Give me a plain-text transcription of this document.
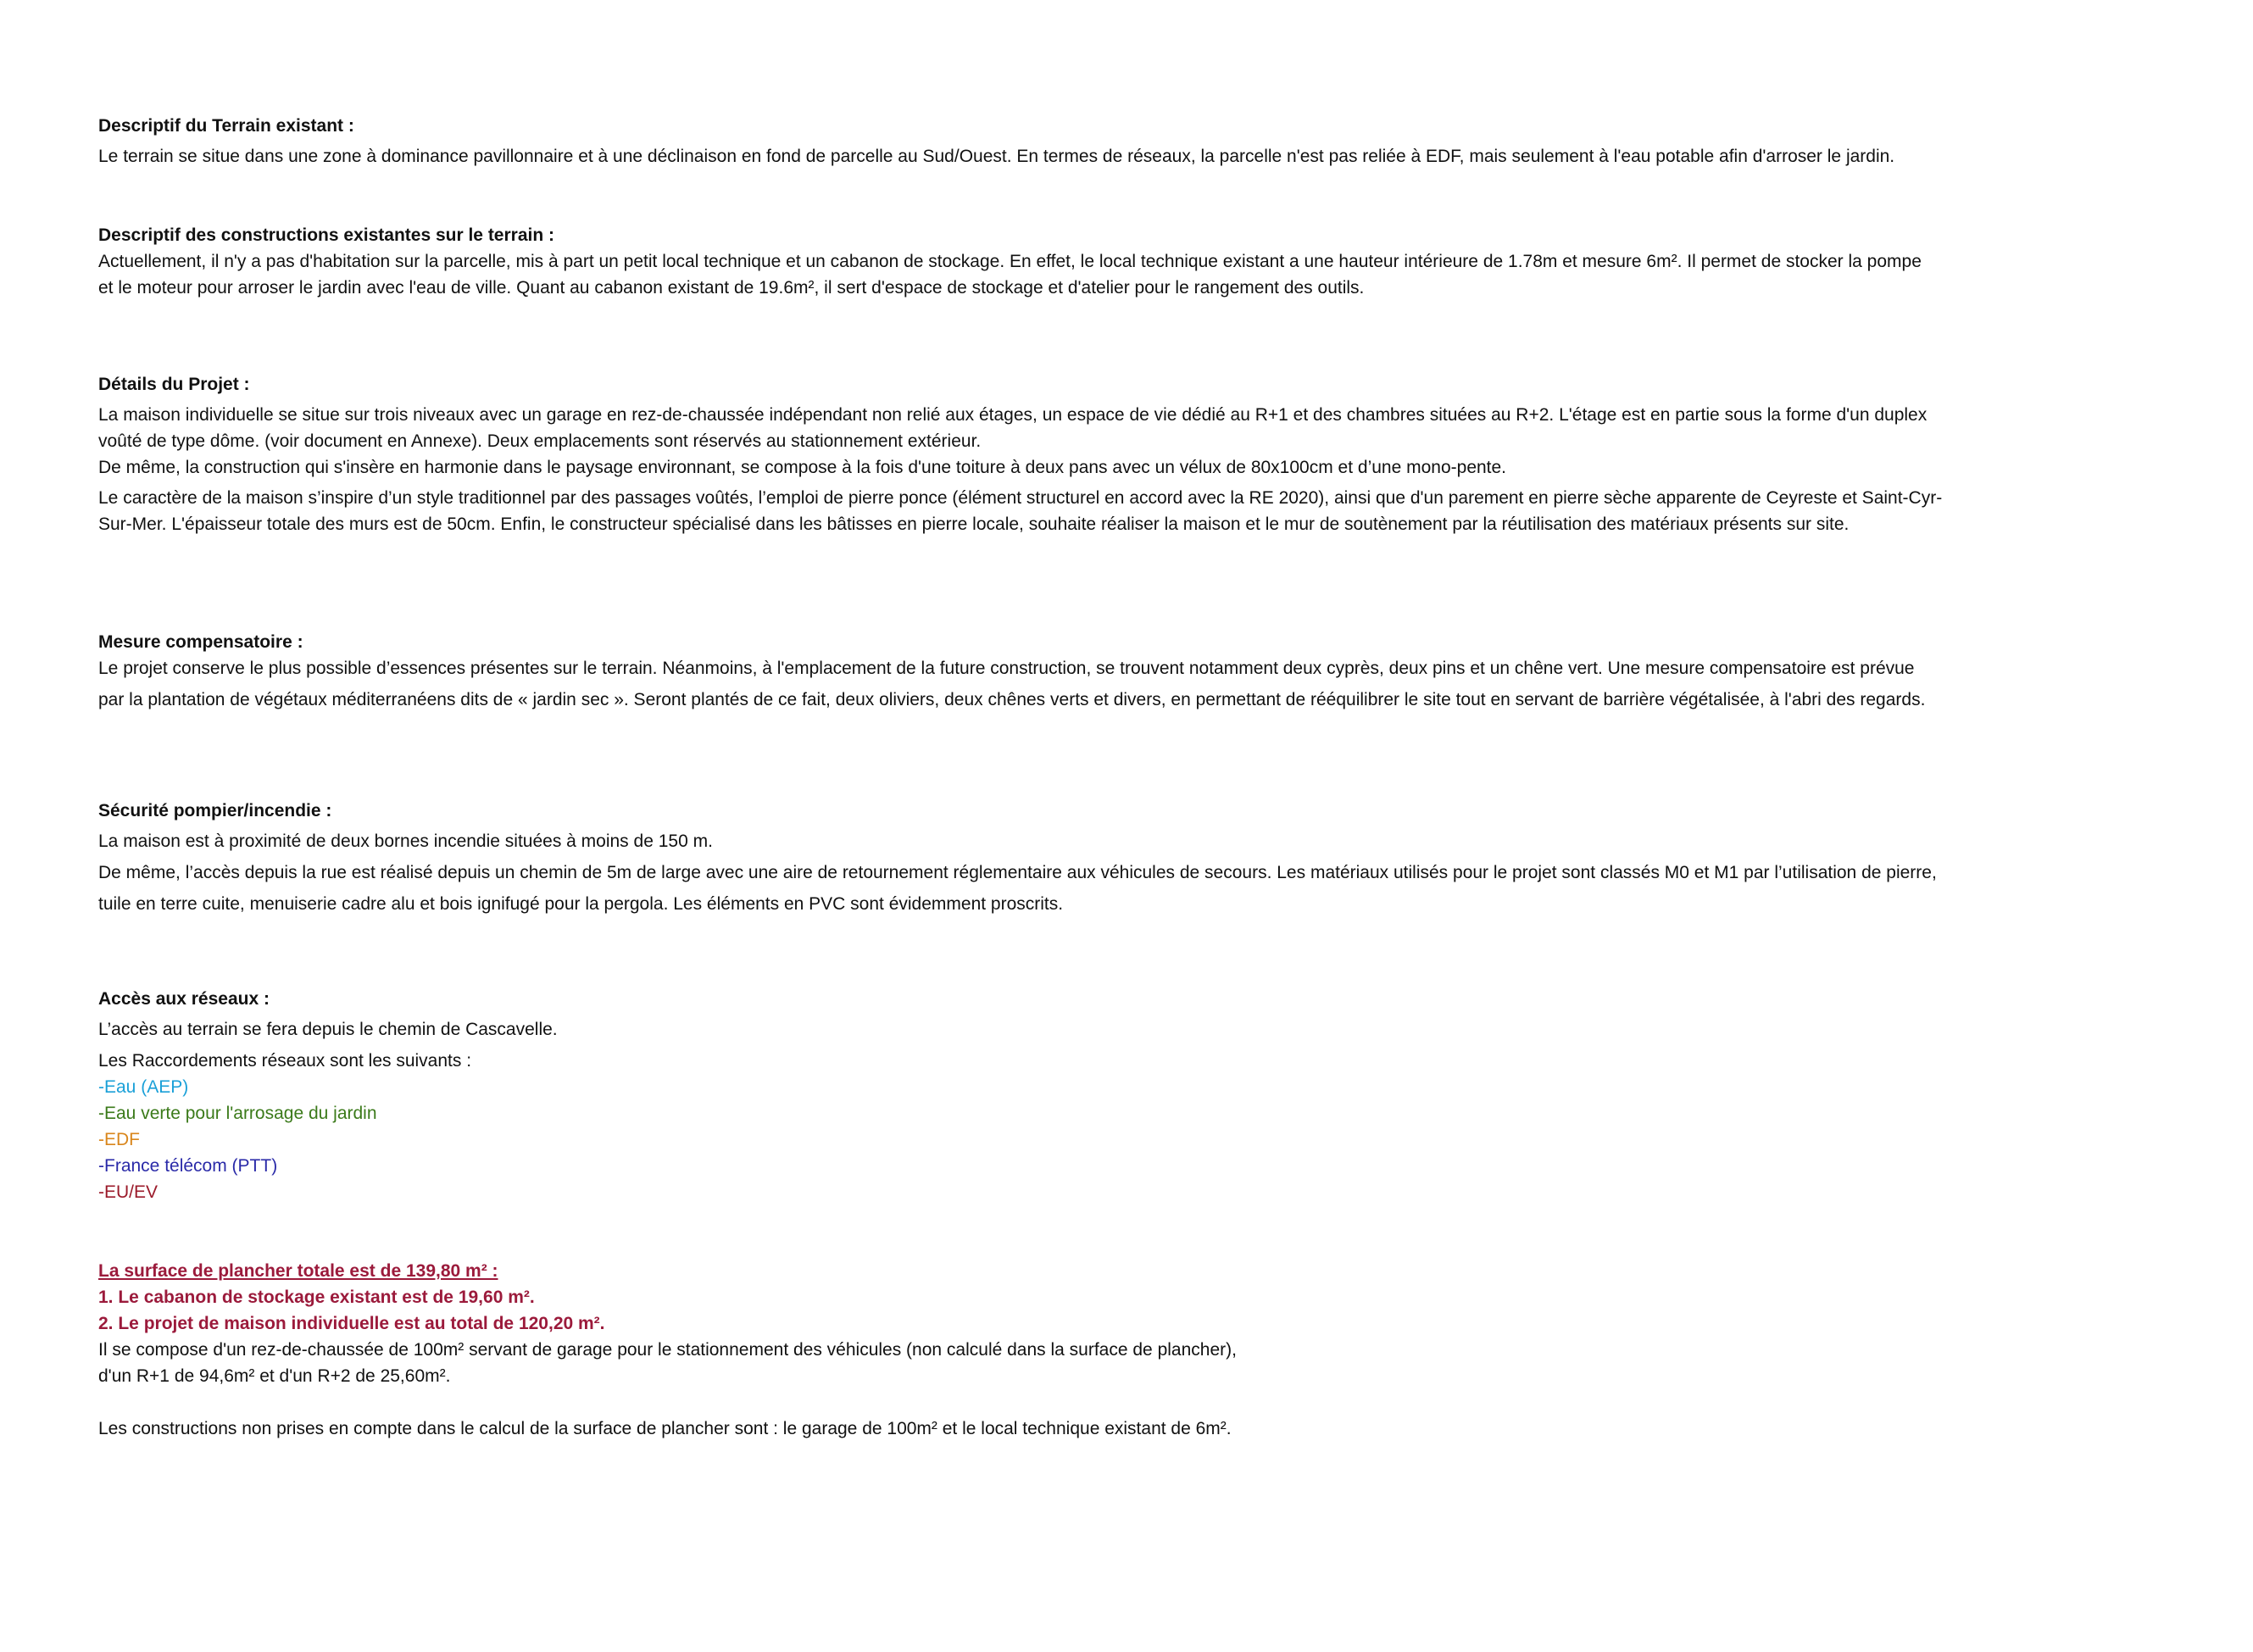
Descriptif du Terrain existant :

Le terrain se situe dans une zone à dominance pavillonnaire et à une déclinaison en fond de parcelle au Sud/Ouest. En termes de réseaux, la parcelle n'est pas reliée à EDF, mais seulement à l'eau potable afin d'arroser le jardin.

Descriptif des constructions existantes sur le terrain :

Actuellement, il n'y a pas d'habitation sur la parcelle, mis à part un petit local technique et un cabanon de stockage. En effet, le local technique existant a une hauteur intérieure de 1.78m et mesure 6m². Il permet de stocker la pompe

et le moteur pour arroser le jardin avec l'eau de ville. Quant au cabanon existant de 19.6m², il sert d'espace de stockage et d'atelier pour le rangement des outils.

Détails du Projet :

La maison individuelle se situe sur trois niveaux avec un garage en rez-de-chaussée indépendant non relié aux étages, un espace de vie dédié au R+1 et des chambres situées au R+2. L'étage est en partie sous la forme d'un duplex

voûté de type dôme. (voir document en Annexe). Deux emplacements sont réservés au stationnement extérieur.

De même, la construction qui s'insère en harmonie dans le paysage environnant, se compose à la fois d'une toiture à deux pans avec un vélux de 80x100cm et d’une mono-pente.

Le caractère de la maison s’inspire d’un style traditionnel par des passages voûtés, l’emploi de pierre ponce (élément structurel en accord avec la RE 2020), ainsi que d'un parement en pierre sèche apparente de Ceyreste et Saint-Cyr-

Sur-Mer. L'épaisseur totale des murs est de 50cm. Enfin, le constructeur spécialisé dans les bâtisses en pierre locale, souhaite réaliser la maison et le mur de soutènement par la réutilisation des matériaux présents sur site.

Mesure compensatoire :

Le projet conserve le plus possible d’essences présentes sur le terrain. Néanmoins, à l'emplacement de la future construction, se trouvent notamment deux cyprès, deux pins et un chêne vert. Une mesure compensatoire est prévue

par la plantation de végétaux méditerranéens dits de « jardin sec ». Seront plantés de ce fait, deux oliviers, deux chênes verts et divers, en permettant de rééquilibrer le site tout en servant de barrière végétalisée, à l'abri des regards.

Sécurité pompier/incendie :

La maison est à proximité de deux bornes incendie situées à moins de 150 m.

De même, l’accès depuis la rue est réalisé depuis un chemin de 5m de large avec une aire de retournement réglementaire aux véhicules de secours. Les matériaux utilisés pour le projet sont classés M0 et M1 par l’utilisation de pierre,

tuile en terre cuite, menuiserie cadre alu et bois ignifugé pour la pergola. Les éléments en PVC sont évidemment proscrits.

Accès aux réseaux :

L’accès au terrain se fera depuis le chemin de Cascavelle.

Les Raccordements réseaux sont les suivants :

-Eau (AEP)

-Eau verte pour l'arrosage du jardin

-EDF

-France télécom (PTT)

-EU/EV

La surface de plancher totale est de 139,80 m² :

1. Le cabanon de stockage existant est de 19,60 m².

2. Le projet de maison individuelle est au total de 120,20 m².

Il se compose d'un rez-de-chaussée de 100m² servant de garage pour le stationnement des véhicules (non calculé dans la surface de plancher),

d'un R+1 de 94,6m² et d'un R+2 de 25,60m².

Les constructions non prises en compte dans le calcul de la surface de plancher sont : le garage de 100m² et le local technique existant de 6m².
